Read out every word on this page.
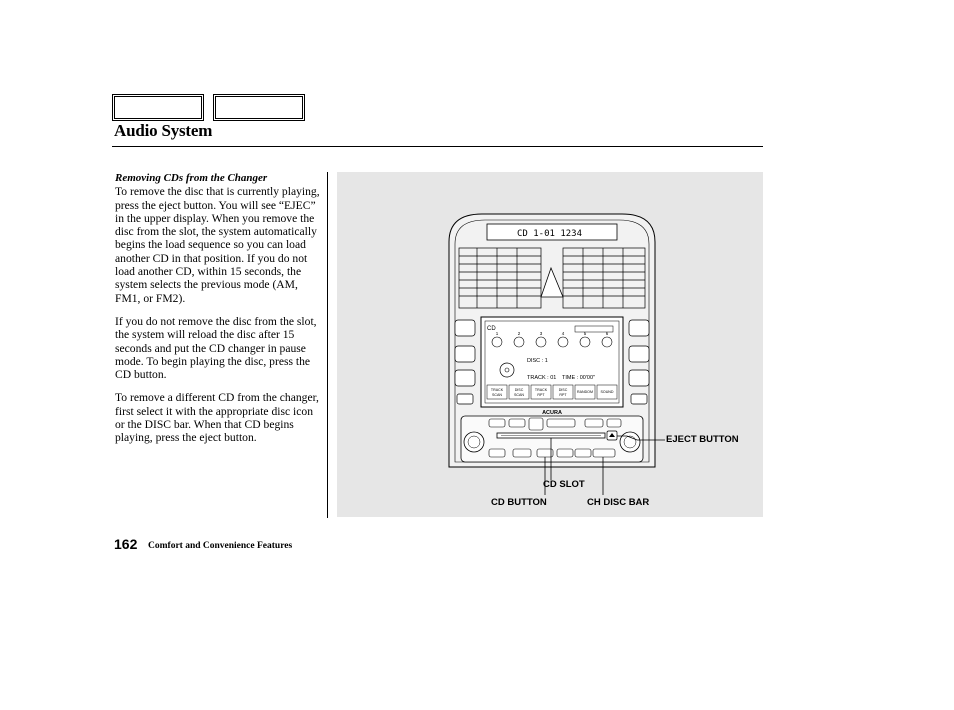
Audio System

Removing CDs from the Changer

To remove the disc that is currently playing, press the eject button. You will see “EJEC” in the upper display. When you remove the disc from the slot, the system automatically begins the load sequence so you can load another CD in that position. If you do not load another CD, within 15 seconds, the system selects the previous mode (AM, FM1, or FM2).

If you do not remove the disc from the slot, the system will reload the disc after 15 seconds and put the CD changer in pause mode. To begin playing the disc, press the CD button.

To remove a different CD from the changer, first select it with the appropriate disc icon or the DISC bar. When that CD begins playing, press the eject button.

CD 1-01 1234
CD
1	2	3	4	5	6
DISC : 1
TRACK : 01 TIME : 00'00"
TRACK
SCAN
DISC
SCAN
TRACK
RPT
DISC
RPT
RANDOM SOUND
ACURA
EJECT BUTTON
CD SLOT
CD BUTTON	CH DISC BAR
162 Comfort and Convenience Features
